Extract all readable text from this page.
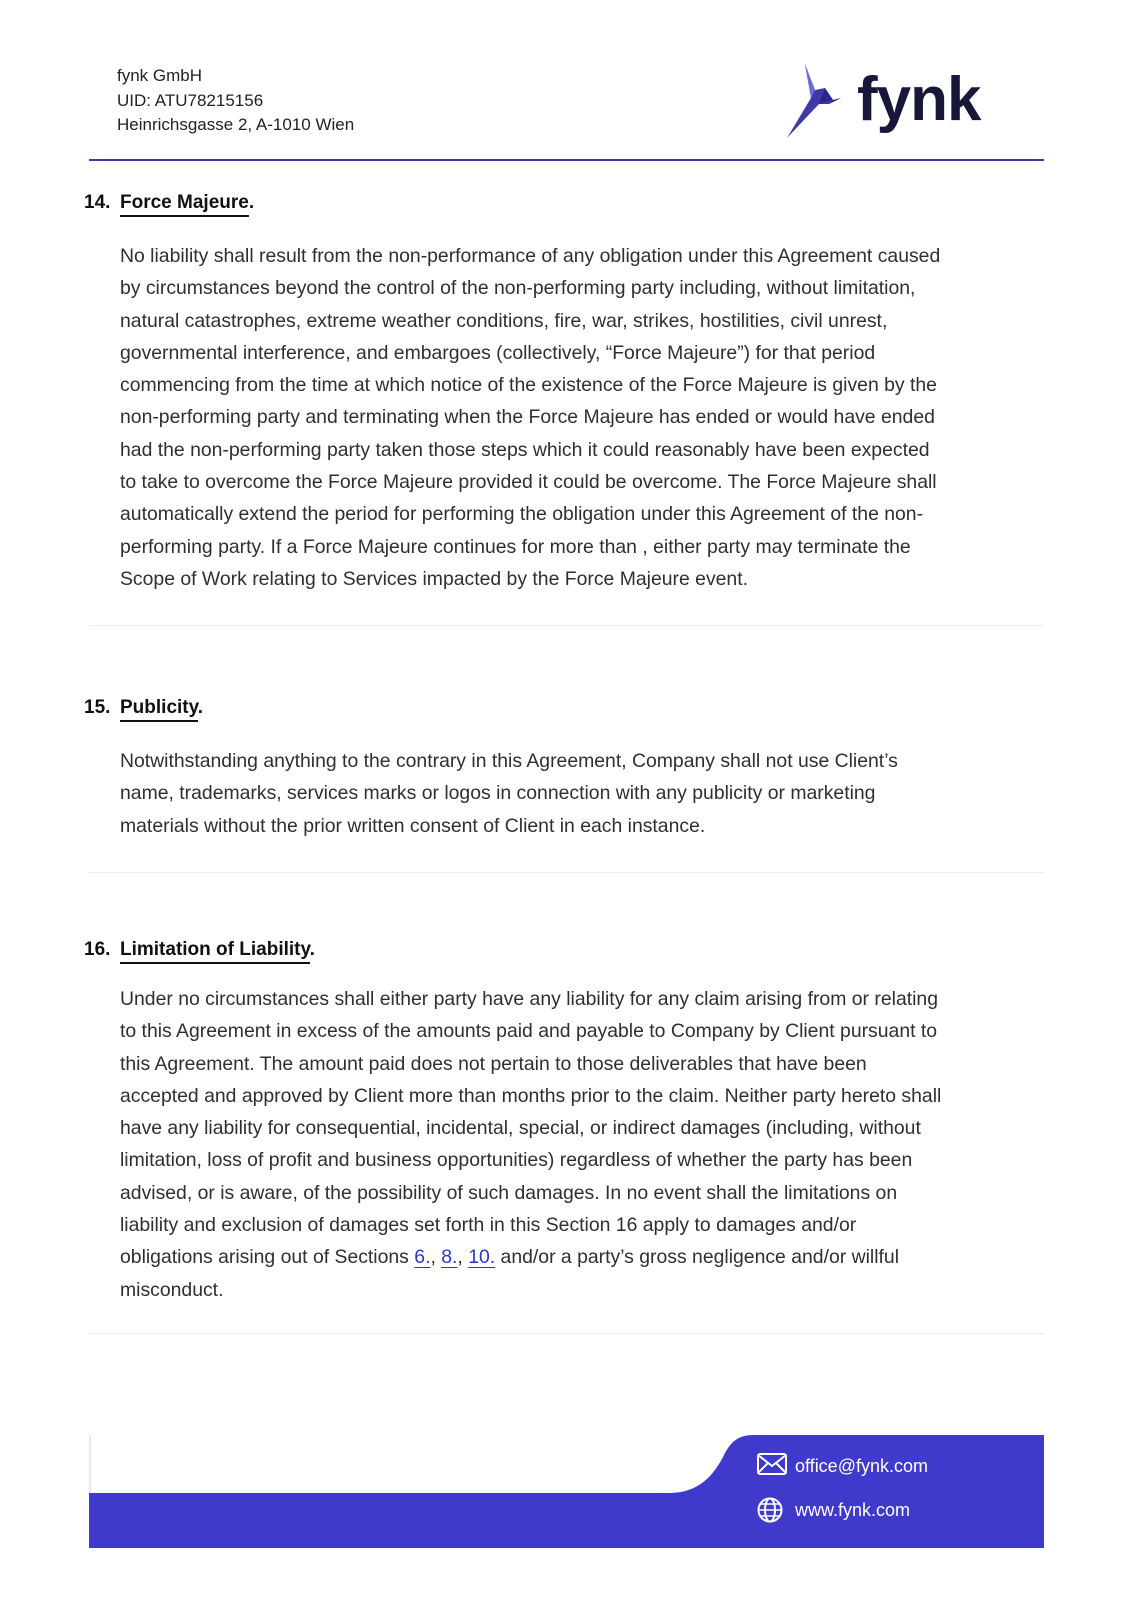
fynk GmbH
UID: ATU78215156
Heinrichsgasse 2, A-1010 Wien	fynk
14. Force Majeure.

No liability shall result from the non-performance of any obligation under this Agreement caused

by circumstances beyond the control of the non-performing party including, without limitation,

natural catastrophes, extreme weather conditions, fire, war, strikes, hostilities, civil unrest,

governmental interference, and embargoes (collectively, “Force Majeure”) for that period

commencing from the time at which notice of the existence of the Force Majeure is given by the

non-performing party and terminating when the Force Majeure has ended or would have ended

had the non-performing party taken those steps which it could reasonably have been expected

to take to overcome the Force Majeure provided it could be overcome. The Force Majeure shall

automatically extend the period for performing the obligation under this Agreement of the non-

performing party. If a Force Majeure continues for more than , either party may terminate the

Scope of Work relating to Services impacted by the Force Majeure event.

15. Publicity.

Notwithstanding anything to the contrary in this Agreement, Company shall not use Client’s

name, trademarks, services marks or logos in connection with any publicity or marketing

materials without the prior written consent of Client in each instance.

16. Limitation of Liability.

Under no circumstances shall either party have any liability for any claim arising from or relating

to this Agreement in excess of the amounts paid and payable to Company by Client pursuant to

this Agreement. The amount paid does not pertain to those deliverables that have been

accepted and approved by Client more than months prior to the claim. Neither party hereto shall

have any liability for consequential, incidental, special, or indirect damages (including, without

limitation, loss of profit and business opportunities) regardless of whether the party has been

advised, or is aware, of the possibility of such damages. In no event shall the limitations on

liability and exclusion of damages set forth in this Section 16 apply to damages and/or

obligations arising out of Sections 6., 8., 10. and/or a party’s gross negligence and/or willful

misconduct.

office@fynk.com
www.fynk.com
